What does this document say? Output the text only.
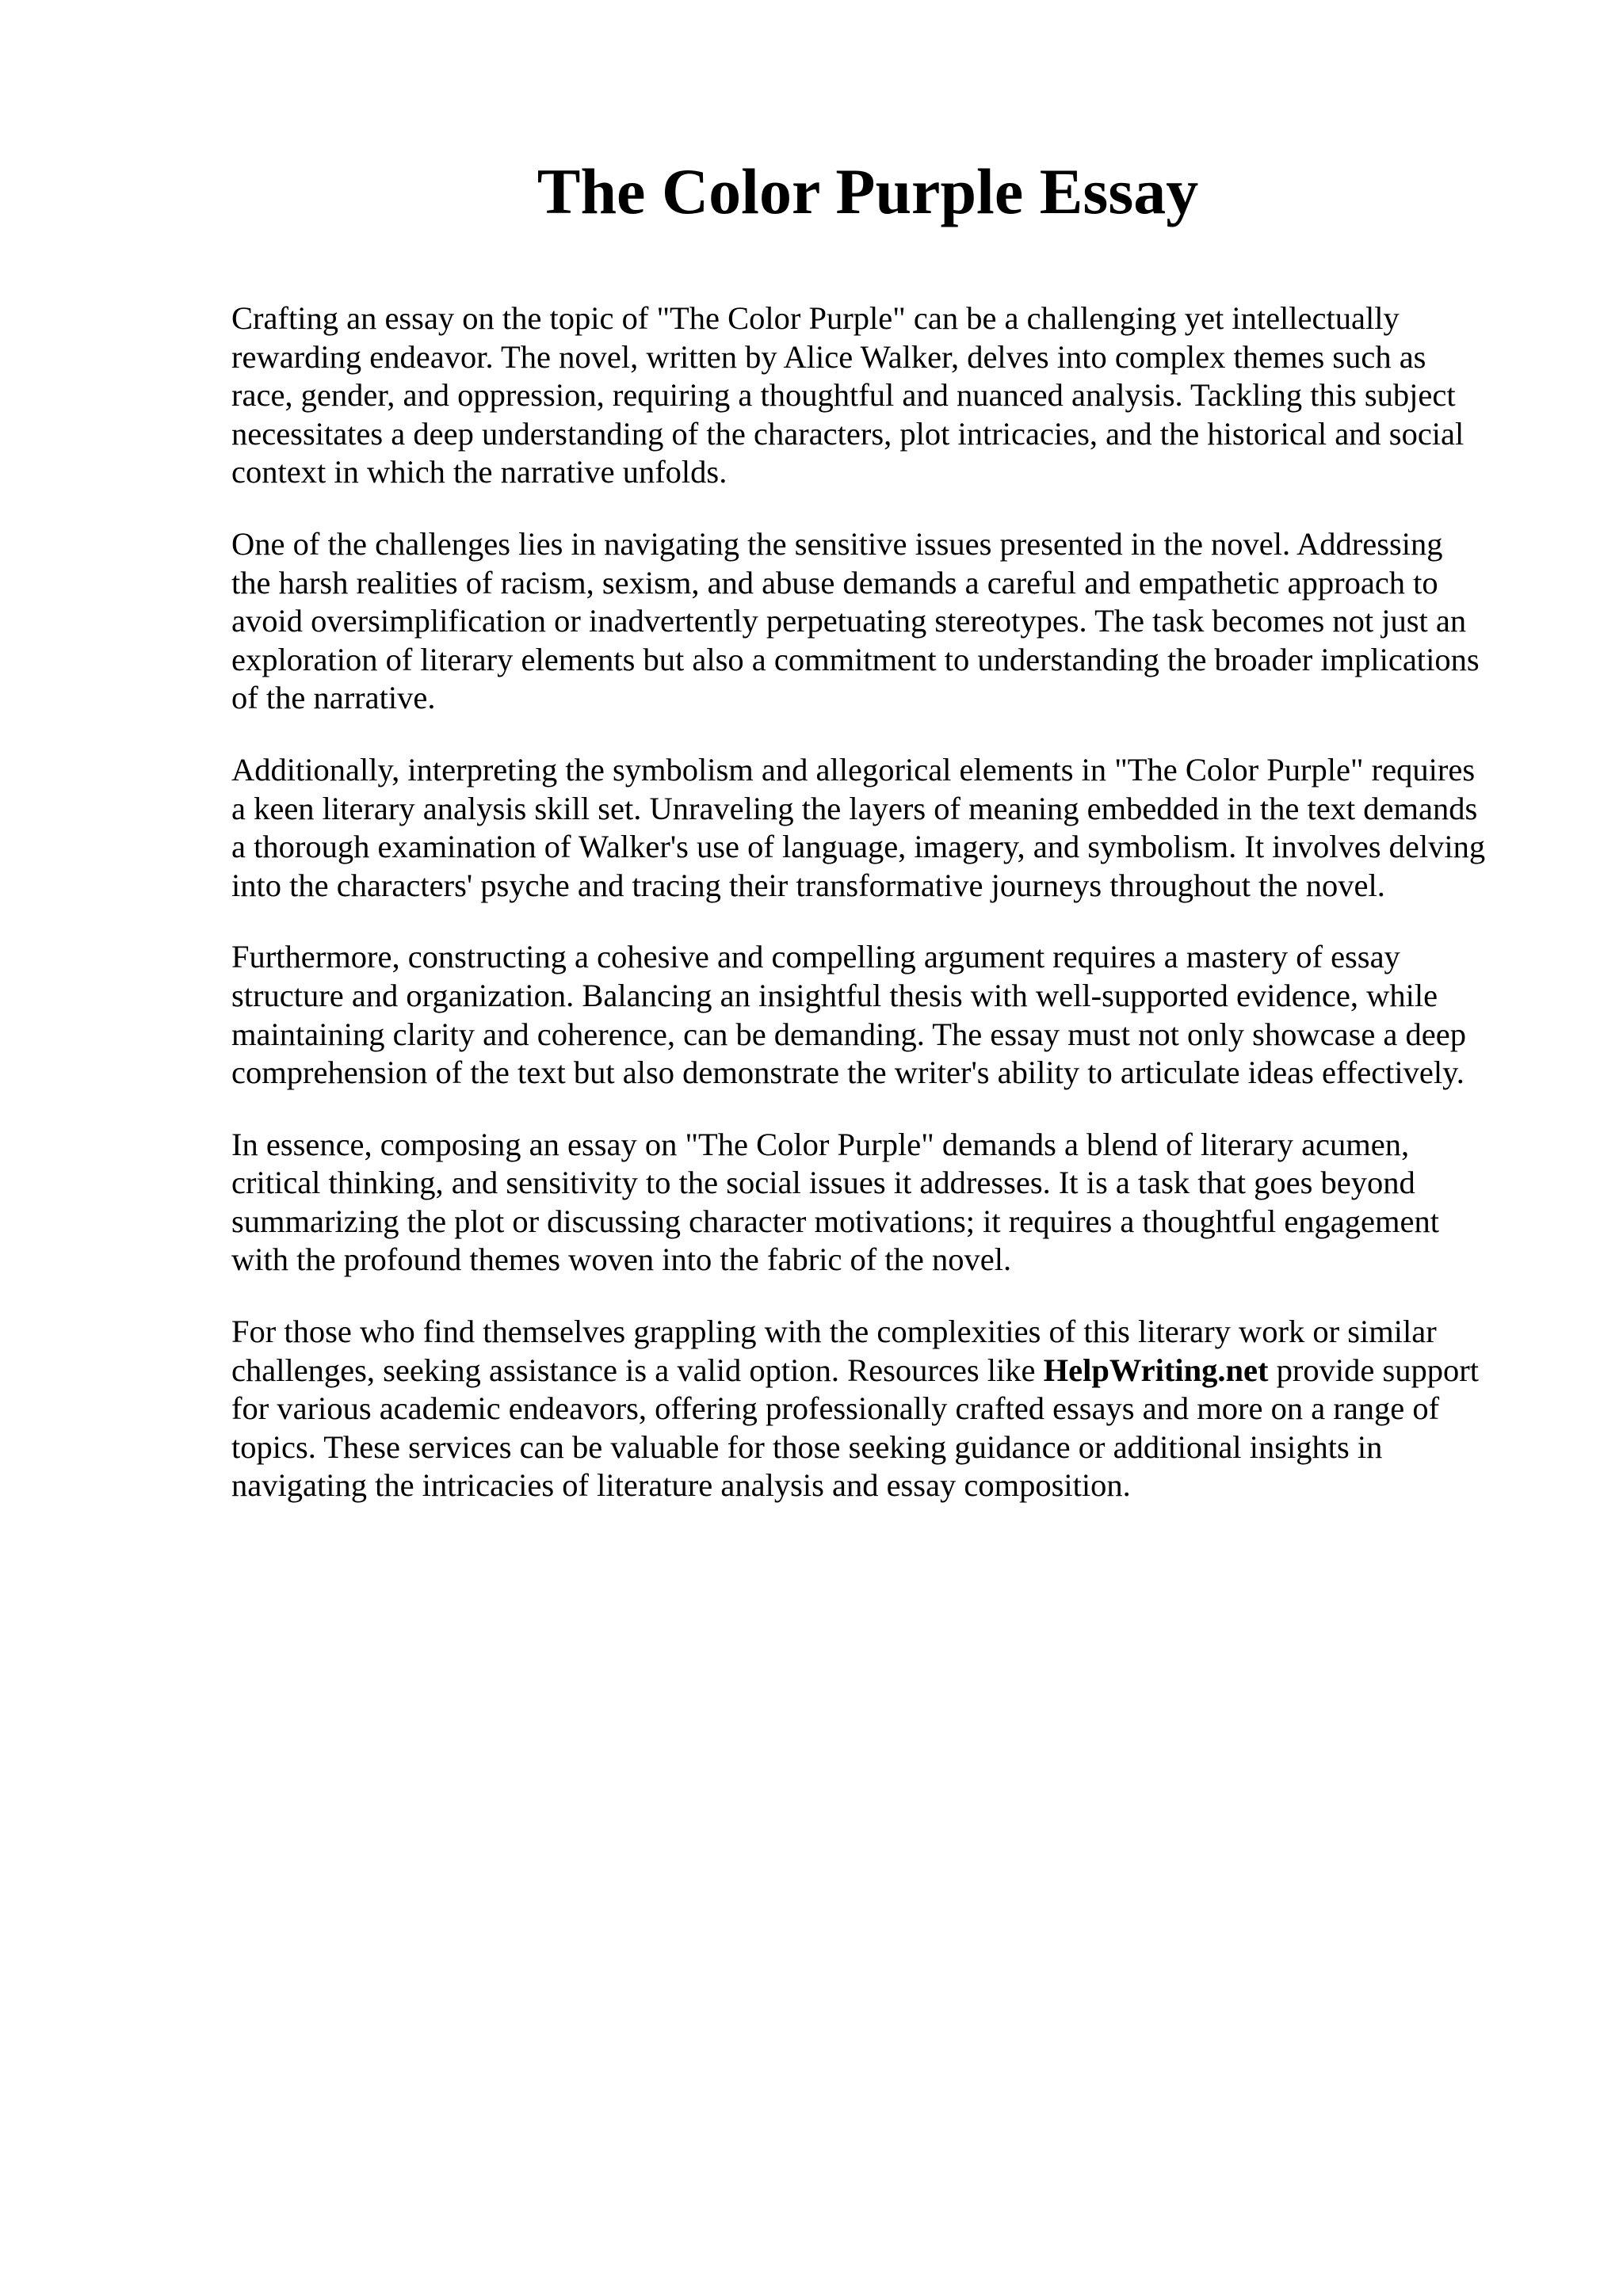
The Color Purple Essay
Crafting an essay on the topic of "The Color Purple" can be a challenging yet intellectually
rewarding endeavor. The novel, written by Alice Walker, delves into complex themes such as
race, gender, and oppression, requiring a thoughtful and nuanced analysis. Tackling this subject
necessitates a deep understanding of the characters, plot intricacies, and the historical and social
context in which the narrative unfolds.
One of the challenges lies in navigating the sensitive issues presented in the novel. Addressing
the harsh realities of racism, sexism, and abuse demands a careful and empathetic approach to
avoid oversimplification or inadvertently perpetuating stereotypes. The task becomes not just an
exploration of literary elements but also a commitment to understanding the broader implications
of the narrative.
Additionally, interpreting the symbolism and allegorical elements in "The Color Purple" requires
a keen literary analysis skill set. Unraveling the layers of meaning embedded in the text demands
a thorough examination of Walker's use of language, imagery, and symbolism. It involves delving
into the characters' psyche and tracing their transformative journeys throughout the novel.
Furthermore, constructing a cohesive and compelling argument requires a mastery of essay
structure and organization. Balancing an insightful thesis with well-supported evidence, while
maintaining clarity and coherence, can be demanding. The essay must not only showcase a deep
comprehension of the text but also demonstrate the writer's ability to articulate ideas effectively.
In essence, composing an essay on "The Color Purple" demands a blend of literary acumen,
critical thinking, and sensitivity to the social issues it addresses. It is a task that goes beyond
summarizing the plot or discussing character motivations; it requires a thoughtful engagement
with the profound themes woven into the fabric of the novel.
For those who find themselves grappling with the complexities of this literary work or similar
challenges, seeking assistance is a valid option. Resources like HelpWriting.net provide support
for various academic endeavors, offering professionally crafted essays and more on a range of
topics. These services can be valuable for those seeking guidance or additional insights in
navigating the intricacies of literature analysis and essay composition.
